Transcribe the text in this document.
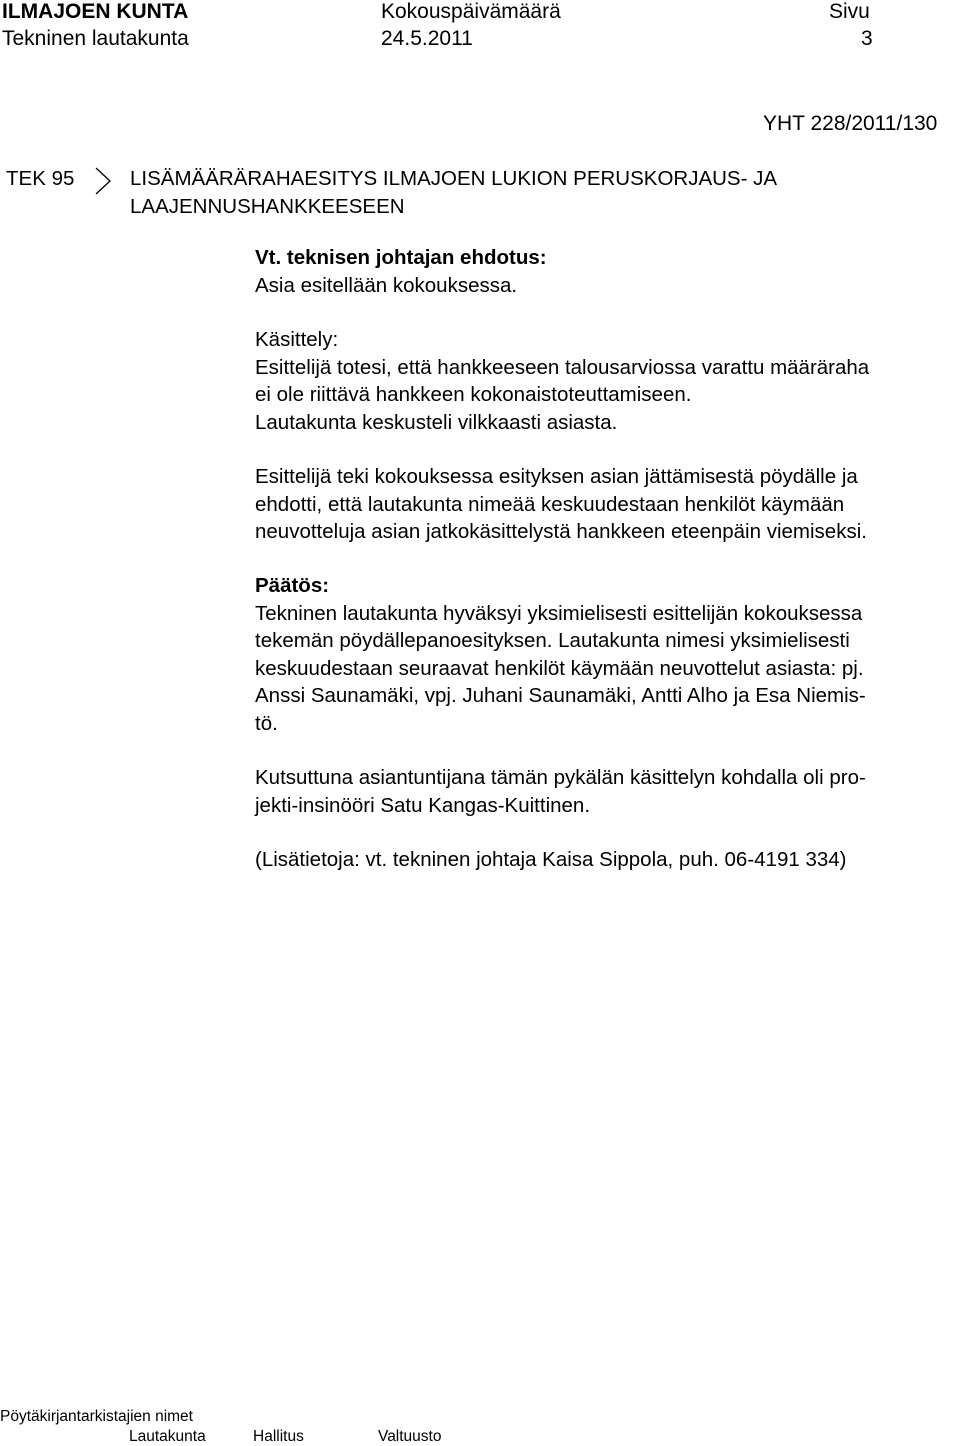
ILMAJOEN KUNTA	Kokouspäivämäärä	Sivu
Tekninen lautakunta	24.5.2011	3
YHT 228/2011/130
TEK 95	LISÄMÄÄRÄRAHAESITYS ILMAJOEN LUKION PERUSKORJAUS- JA
LAAJENNUSHANKKEESEEN
Vt. teknisen johtajan ehdotus:
Asia esitellään kokouksessa.
Käsittely:
Esittelijä totesi, että hankkeeseen talousarviossa varattu määräraha
ei ole riittävä hankkeen kokonaistoteuttamiseen.
Lautakunta keskusteli vilkkaasti asiasta.
Esittelijä teki kokouksessa esityksen asian jättämisestä pöydälle ja
ehdotti, että lautakunta nimeää keskuudestaan henkilöt käymään
neuvotteluja asian jatkokäsittelystä hankkeen eteenpäin viemiseksi.
Päätös:
Tekninen lautakunta hyväksyi yksimielisesti esittelijän kokouksessa
tekemän pöydällepanoesityksen. Lautakunta nimesi yksimielisesti
keskuudestaan seuraavat henkilöt käymään neuvottelut asiasta: pj.
Anssi Saunamäki, vpj. Juhani Saunamäki, Antti Alho ja Esa Niemis-
tö.
Kutsuttuna asiantuntijana tämän pykälän käsittelyn kohdalla oli pro-
jekti-insinööri Satu Kangas-Kuittinen.
(Lisätietoja: vt. tekninen johtaja Kaisa Sippola, puh. 06-4191 334)
Pöytäkirjantarkistajien nimet
Lautakunta	Hallitus	Valtuusto
